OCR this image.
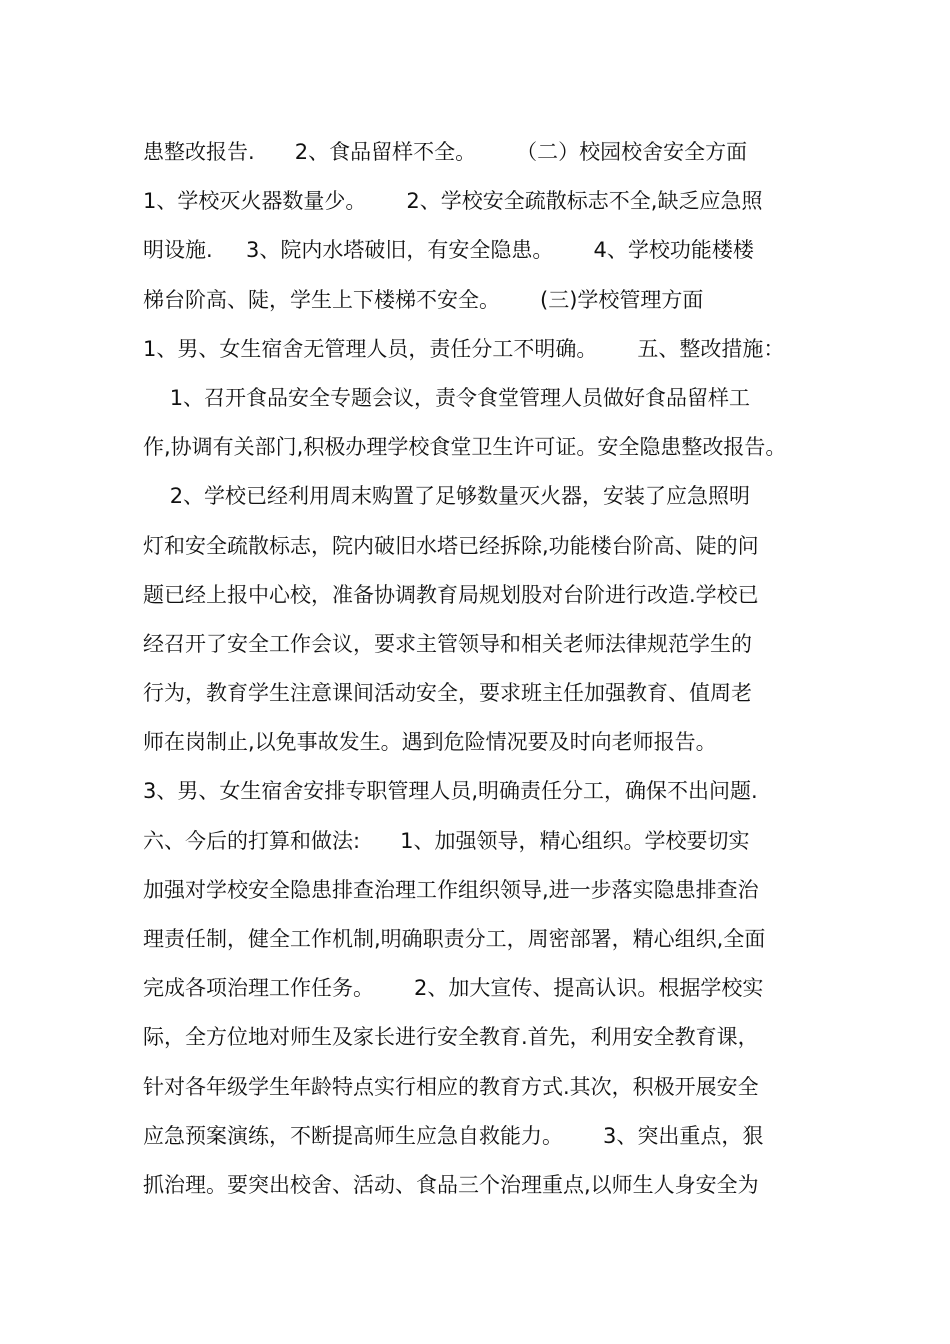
患整改报告.      2、食品留样不全。      （二）校园校舍安全方面
1、学校灭火器数量少。      2、学校安全疏散标志不全,缺乏应急照
明设施.     3、院内水塔破旧，有安全隐患。      4、学校功能楼楼
梯台阶高、陡，学生上下楼梯不安全。      (三)学校管理方面
1、男、女生宿舍无管理人员，责任分工不明确。      五、整改措施：
1、召开食品安全专题会议，责令食堂管理人员做好食品留样工
作,协调有关部门,积极办理学校食堂卫生许可证。安全隐患整改报告。
2、学校已经利用周末购置了足够数量灭火器，安装了应急照明
灯和安全疏散标志，院内破旧水塔已经拆除,功能楼台阶高、陡的问
题已经上报中心校，准备协调教育局规划股对台阶进行改造.学校已
经召开了安全工作会议，要求主管领导和相关老师法律规范学生的
行为，教育学生注意课间活动安全，要求班主任加强教育、值周老
师在岗制止,以免事故发生。遇到危险情况要及时向老师报告。
3、男、女生宿舍安排专职管理人员,明确责任分工，确保不出问题.
六、今后的打算和做法:      1、加强领导，精心组织。学校要切实
加强对学校安全隐患排查治理工作组织领导,进一步落实隐患排查治
理责任制，健全工作机制,明确职责分工，周密部署，精心组织,全面
完成各项治理工作任务。      2、加大宣传、提高认识。根据学校实
际，全方位地对师生及家长进行安全教育.首先，利用安全教育课，
针对各年级学生年龄特点实行相应的教育方式.其次，积极开展安全
应急预案演练，不断提高师生应急自救能力。      3、突出重点，狠
抓治理。要突出校舍、活动、食品三个治理重点,以师生人身安全为
